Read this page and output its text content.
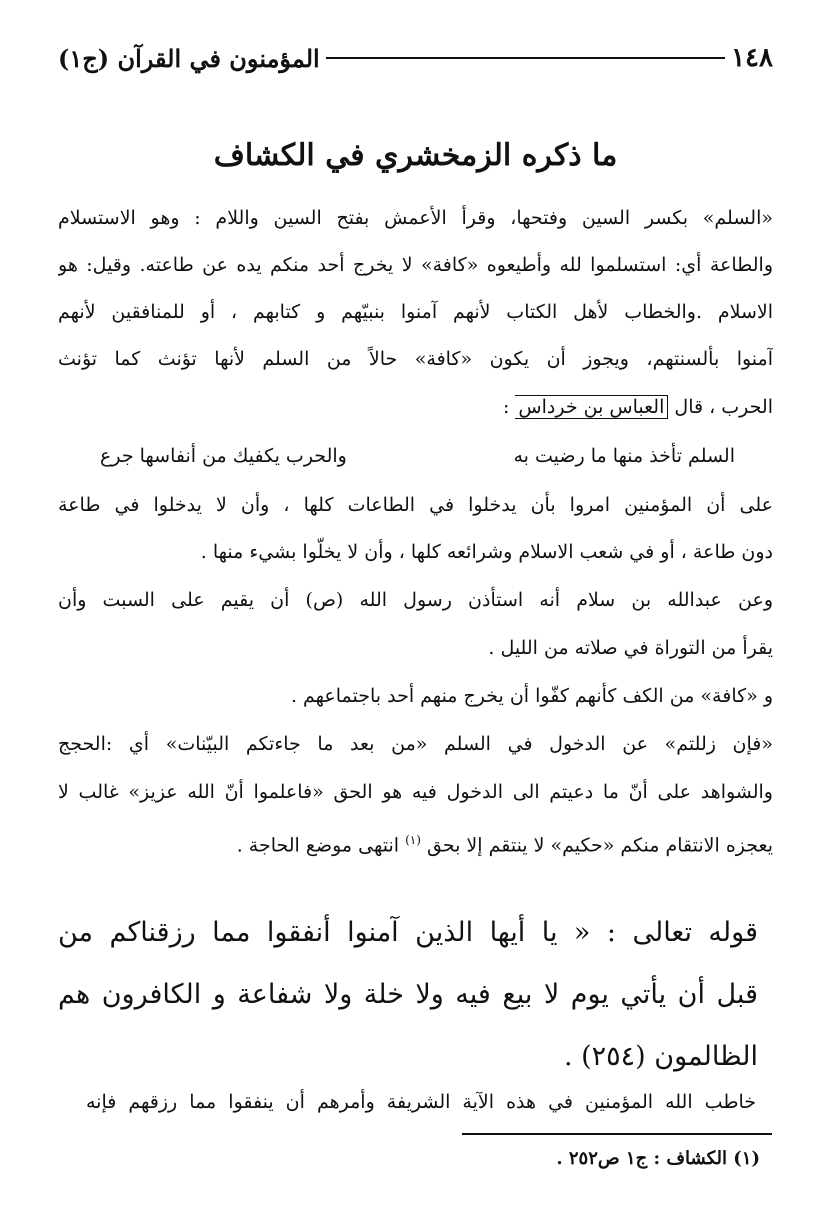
١٤٨
المؤمنون في القرآن (ج١)
ما ذكره الزمخشري في الكشاف
«السلم» بكسر السين وفتحها، وقرأ الأعمش بفتح السين واللام : وهو الاستسلام
والطاعة أي: استسلموا لله وأطيعوه «كافة» لا يخرج أحد منكم يده عن طاعته. وقيل: هو
الاسلام .والخطاب لأهل الكتاب لأنهم آمنوا بنبيّهم و كتابهم ، أو للمنافقين لأنهم
آمنوا بألسنتهم، ويجوز أن يكون «كافة» حالاً من السلم لأنها تؤنث كما تؤنث
الحرب ، قال العباس بن خرداس :
السلم تأخذ منها ما رضيت به
والحرب يكفيك من أنفاسها جرع
على أن المؤمنين امروا بأن يدخلوا في الطاعات كلها ، وأن لا يدخلوا في طاعة
دون طاعة ، أو في شعب الاسلام وشرائعه كلها ، وأن لا يخلّوا بشيء منها .
وعن عبدالله بن سلام أنه استأذن رسول الله (ص) أن يقيم على السبت وأن
يقرأ من التوراة في صلاته من الليل .
و «كافة» من الكف كأنهم كفّوا أن يخرج منهم أحد باجتماعهم .
«فإن زللتم» عن الدخول في السلم «من بعد ما جاءتكم البيّنات» أي :الحجج
والشواهد على أنّ ما دعيتم الى الدخول فيه هو الحق «فاعلموا أنّ الله عزيز» غالب لا
يعجزه الانتقام منكم «حكيم» لا ينتقم إلا بحق $^{(١)}$ انتهى موضع الحاجة .
قوله تعالى : « يا أيها الذين آمنوا أنفقوا مما رزقناكم من
قبل أن يأتي يوم لا بيع فيه ولا خلة ولا شفاعة و الكافرون هم
الظالمون (٢٥٤) .
خاطب الله المؤمنين في هذه الآية الشريفة وأمرهم أن ينفقوا مما رزقهم فإنه
(١) الكشاف : ج١ ص٢٥٢ .
